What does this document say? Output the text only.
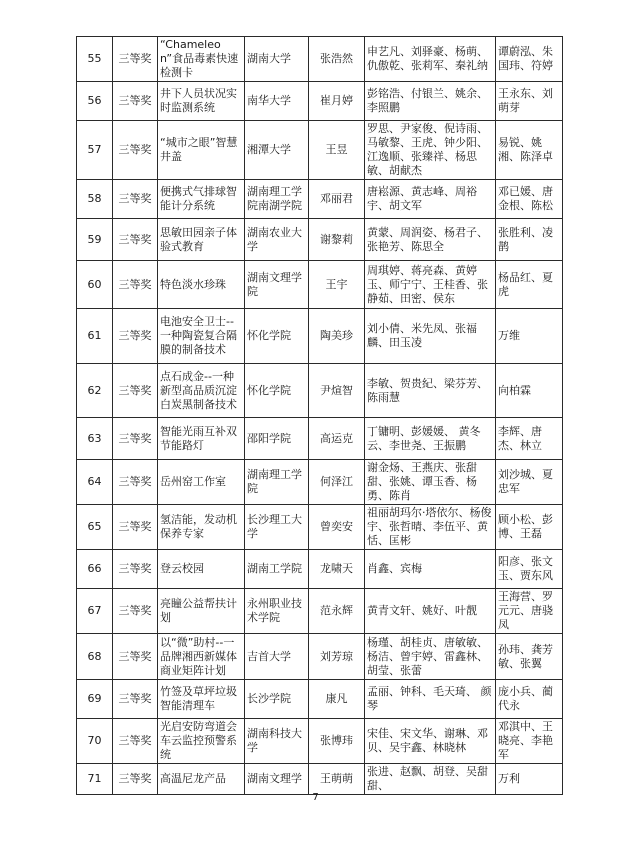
55	三等奖	“Chameleon”食品毒素快速检测卡	湖南大学	张浩然	申艺凡、刘驿豪、杨萌、仇傲乾、张莉军、秦礼纳	谭蔚泓、朱国玮、符婷
56	三等奖	井下人员状况实时监测系统	南华大学	崔月婷	彭铭浩、付银兰、姚余、李照鹏	王永东、刘萌芽
57	三等奖	“城市之眼”智慧井盖	湘潭大学	王昱	罗思、尹家俊、倪诗雨、马敏黎、王虎、钟少阳、江逸顺、张臻祥、杨思敏、胡献杰	易锐、姚湘、陈泽卓
58	三等奖	便携式气排球智能计分系统	湖南理工学院南湖学院	邓丽君	唐崧源、黄志峰、周裕宇、胡文军	邓已媛、唐金根、陈松
59	三等奖	思敏田园亲子体验式教育	湖南农业大学	谢黎莉	黄蒙、周润姿、杨君子、张艳芳、陈思全	张胜利、凌鹊
60	三等奖	特色淡水珍珠	湖南文理学院	王宇	周琪婷、蒋亮森、黄婷玉、师宁宁、王桂香、张静茹、田密、侯东	杨品红、夏虎
61	三等奖	电池安全卫士--一种陶瓷复合隔膜的制备技术	怀化学院	陶美珍	刘小倩、米先凤、张福麟、田玉凌	万维
62	三等奖	点石成金--一种新型高品质沉淀白炭黑制备技术	怀化学院	尹煊智	李敏、贺贵紀、梁芬芳、陈雨慧	向柏霖
63	三等奖	智能光雨互补双节能路灯	邵阳学院	高运克	丁镛明、彭媛媛、 黄冬云、李世尧、王振鹏	李辉、唐杰、林立
64	三等奖	岳州窑工作室	湖南理工学院	何泽江	谢金炀、王燕庆、张甜甜、张姚、谭玉香、杨勇、陈肖	刘沙城、夏忠军
65	三等奖	氢洁能，发动机保养专家	长沙理工大学	曾奕安	祖丽胡玛尔·塔依尔、杨俊宇、张哲晴、李伍平、黄恬、匡彬	顾小松、彭博、王磊
66	三等奖	登云校园	湖南工学院	龙啸天	肖鑫、宾梅	阳彦、张文玉、贾东风
67	三等奖	亮瞳公益帮扶计划	永州职业技术学院	范永辉	黄青文轩、姚好、叶靓	王海营、罗元元、唐骁凤
68	三等奖	以“微”助村--一品牌湘西新媒体商业矩阵计划	吉首大学	刘芳琼	杨瑾、胡桂贞、唐敏敏、杨洁、曾宇婷、雷鑫林、胡莹、张蕾	孙玮、龚芳敏、张翼
69	三等奖	竹签及草坪垃圾智能清理车	长沙学院	康凡	孟丽、钟科、毛天琦、 颜琴	庞小兵、蔺代永
70	三等奖	光启安防弯道会车云监控预警系统	湖南科技大学	张博玮	宋佳、宋文华、谢琳、邓贝、吴宇鑫、林晓林	邓淇中、王晓亮、李艳军
71	三等奖	高温尼龙产品	湖南文理学	王萌萌	张进、赵飘、胡登、吴甜甜、	万利
7
